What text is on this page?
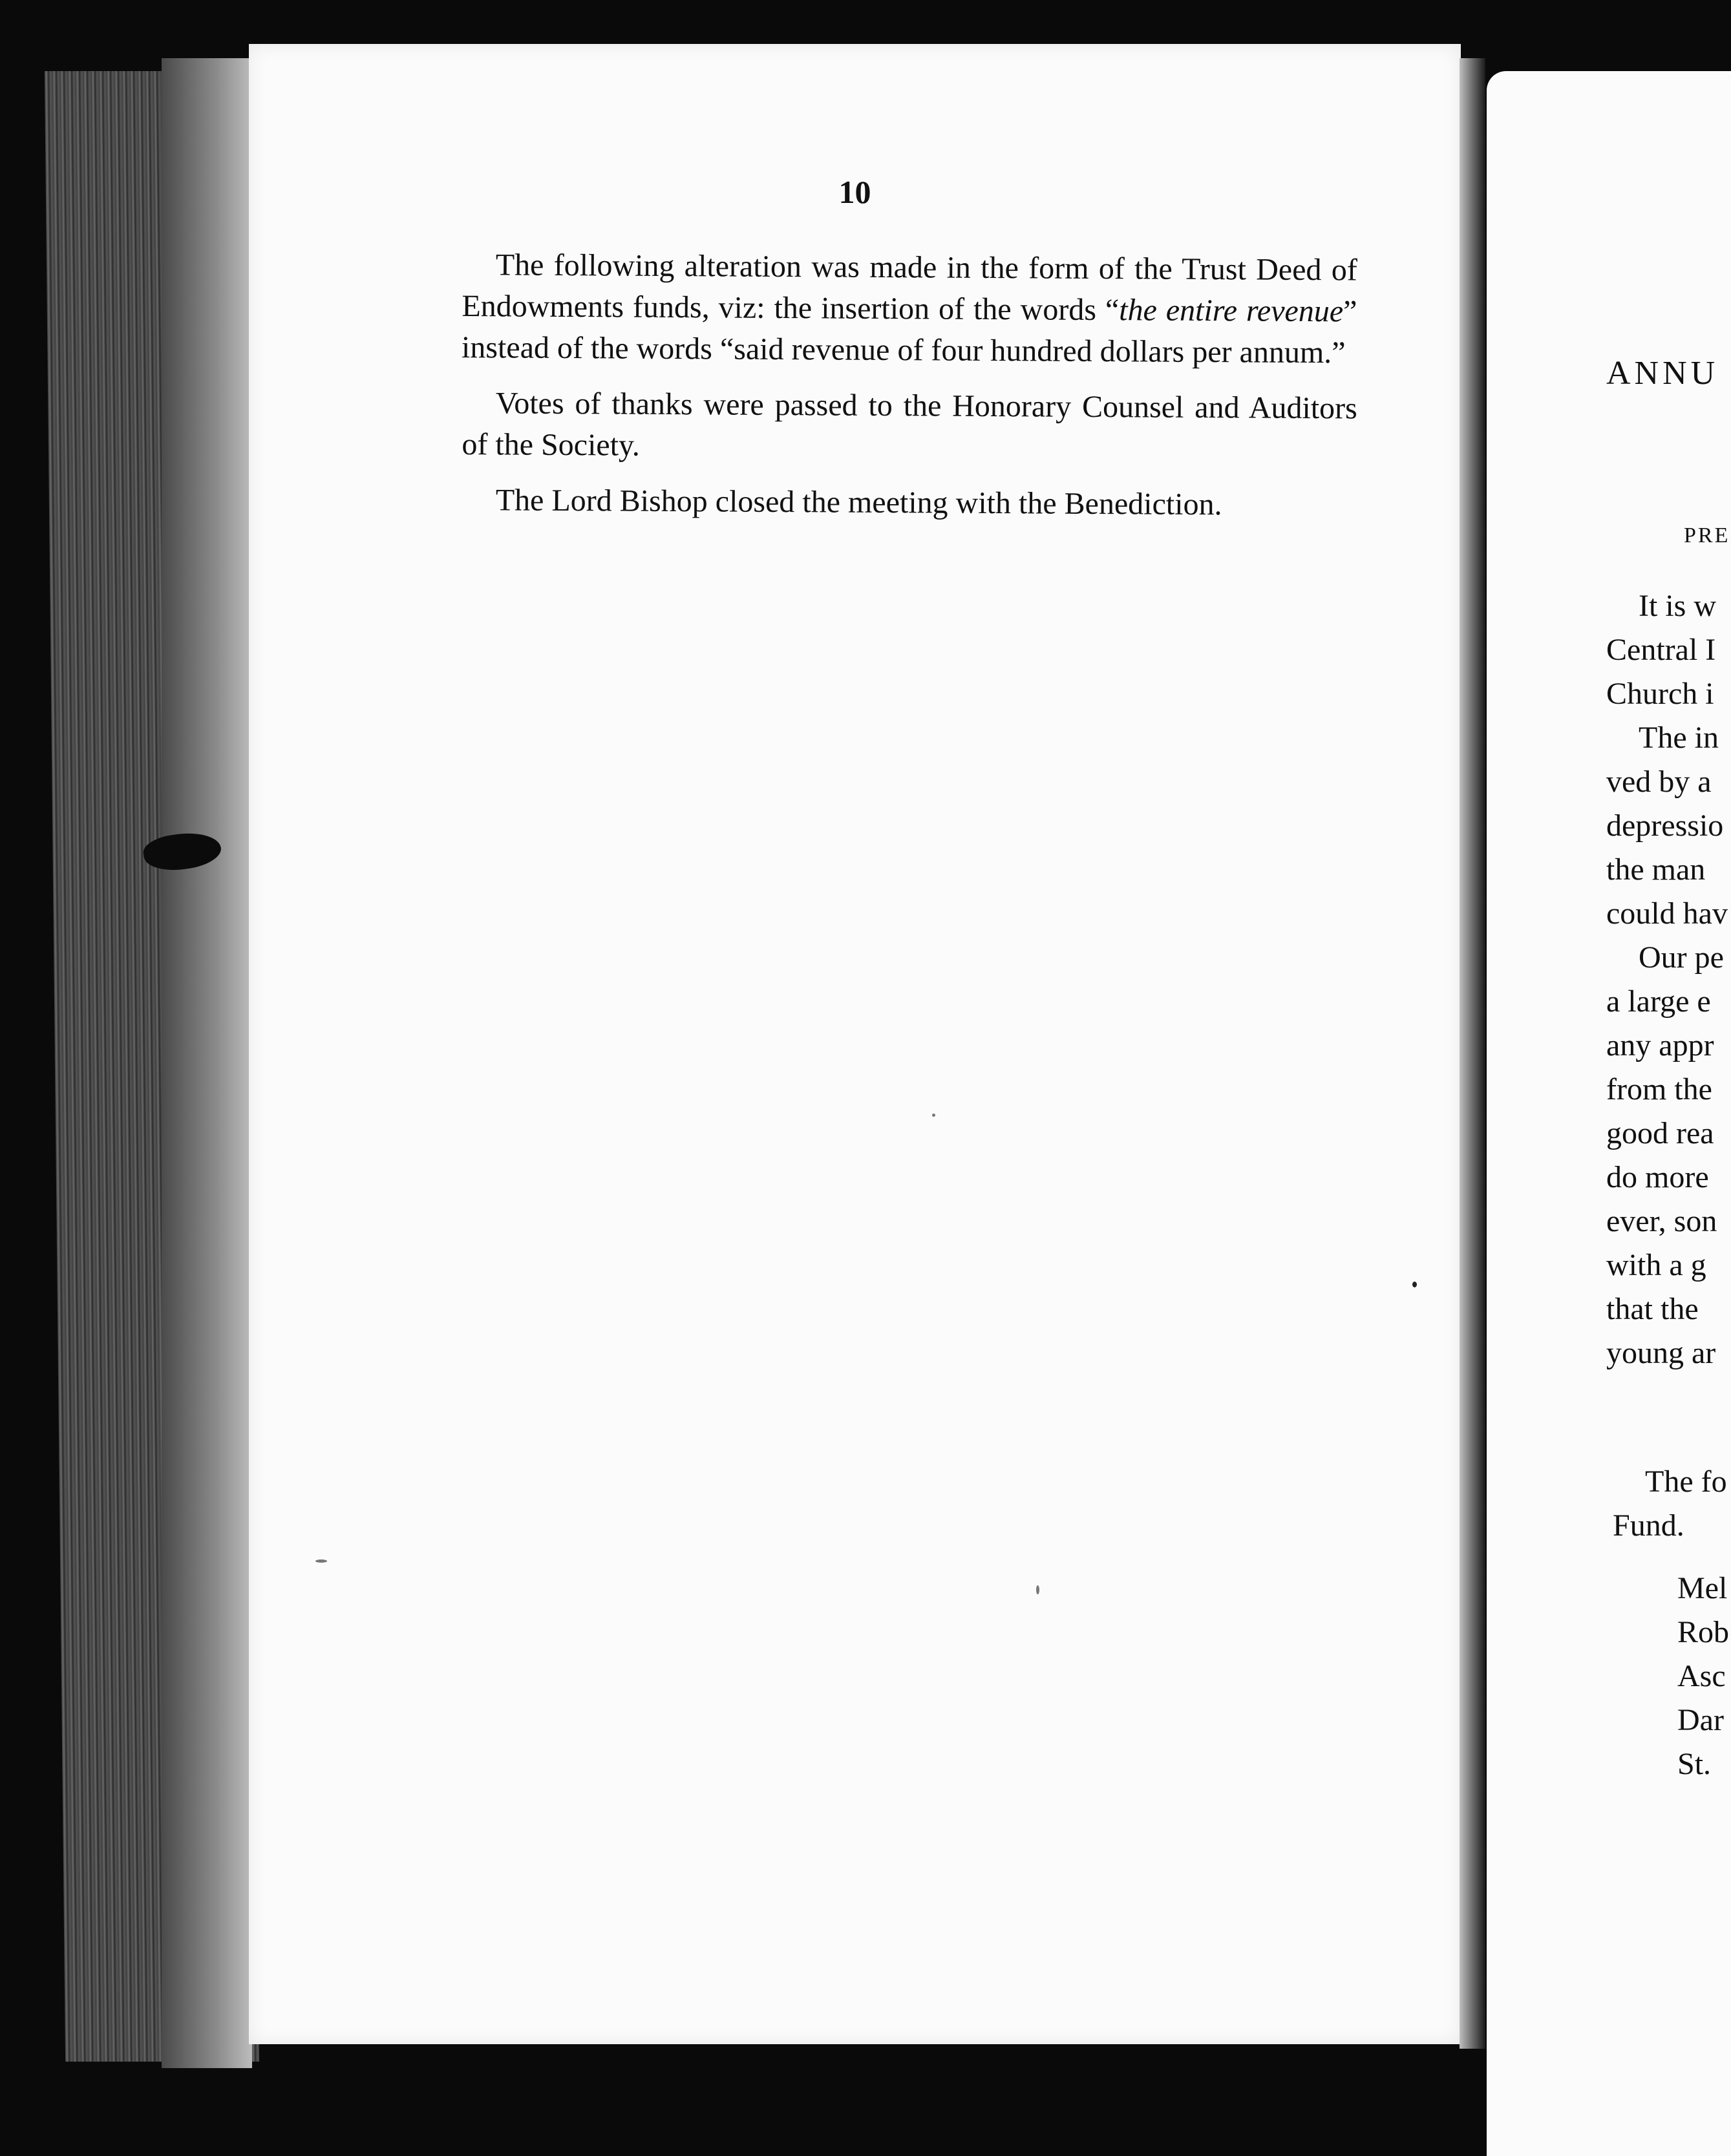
10

The following alteration was made in the form of the Trust Deed of Endowments funds, viz: the insertion of the words “the entire revenue” instead of the words “said revenue of four hundred dollars per annum.”

Votes of thanks were passed to the Honorary Counsel and Auditors of the Society.

The Lord Bishop closed the meeting with the Benediction.

ANNU
PRE
It is w
Central I
Church i
The in
ved by a
depressio
the man
could hav
Our pe
a large e
any appr
from the
good rea
do more
ever, son
with a g
that the
young ar
The fo
Fund.
Mel
Rob
Asc
Dar
St.
